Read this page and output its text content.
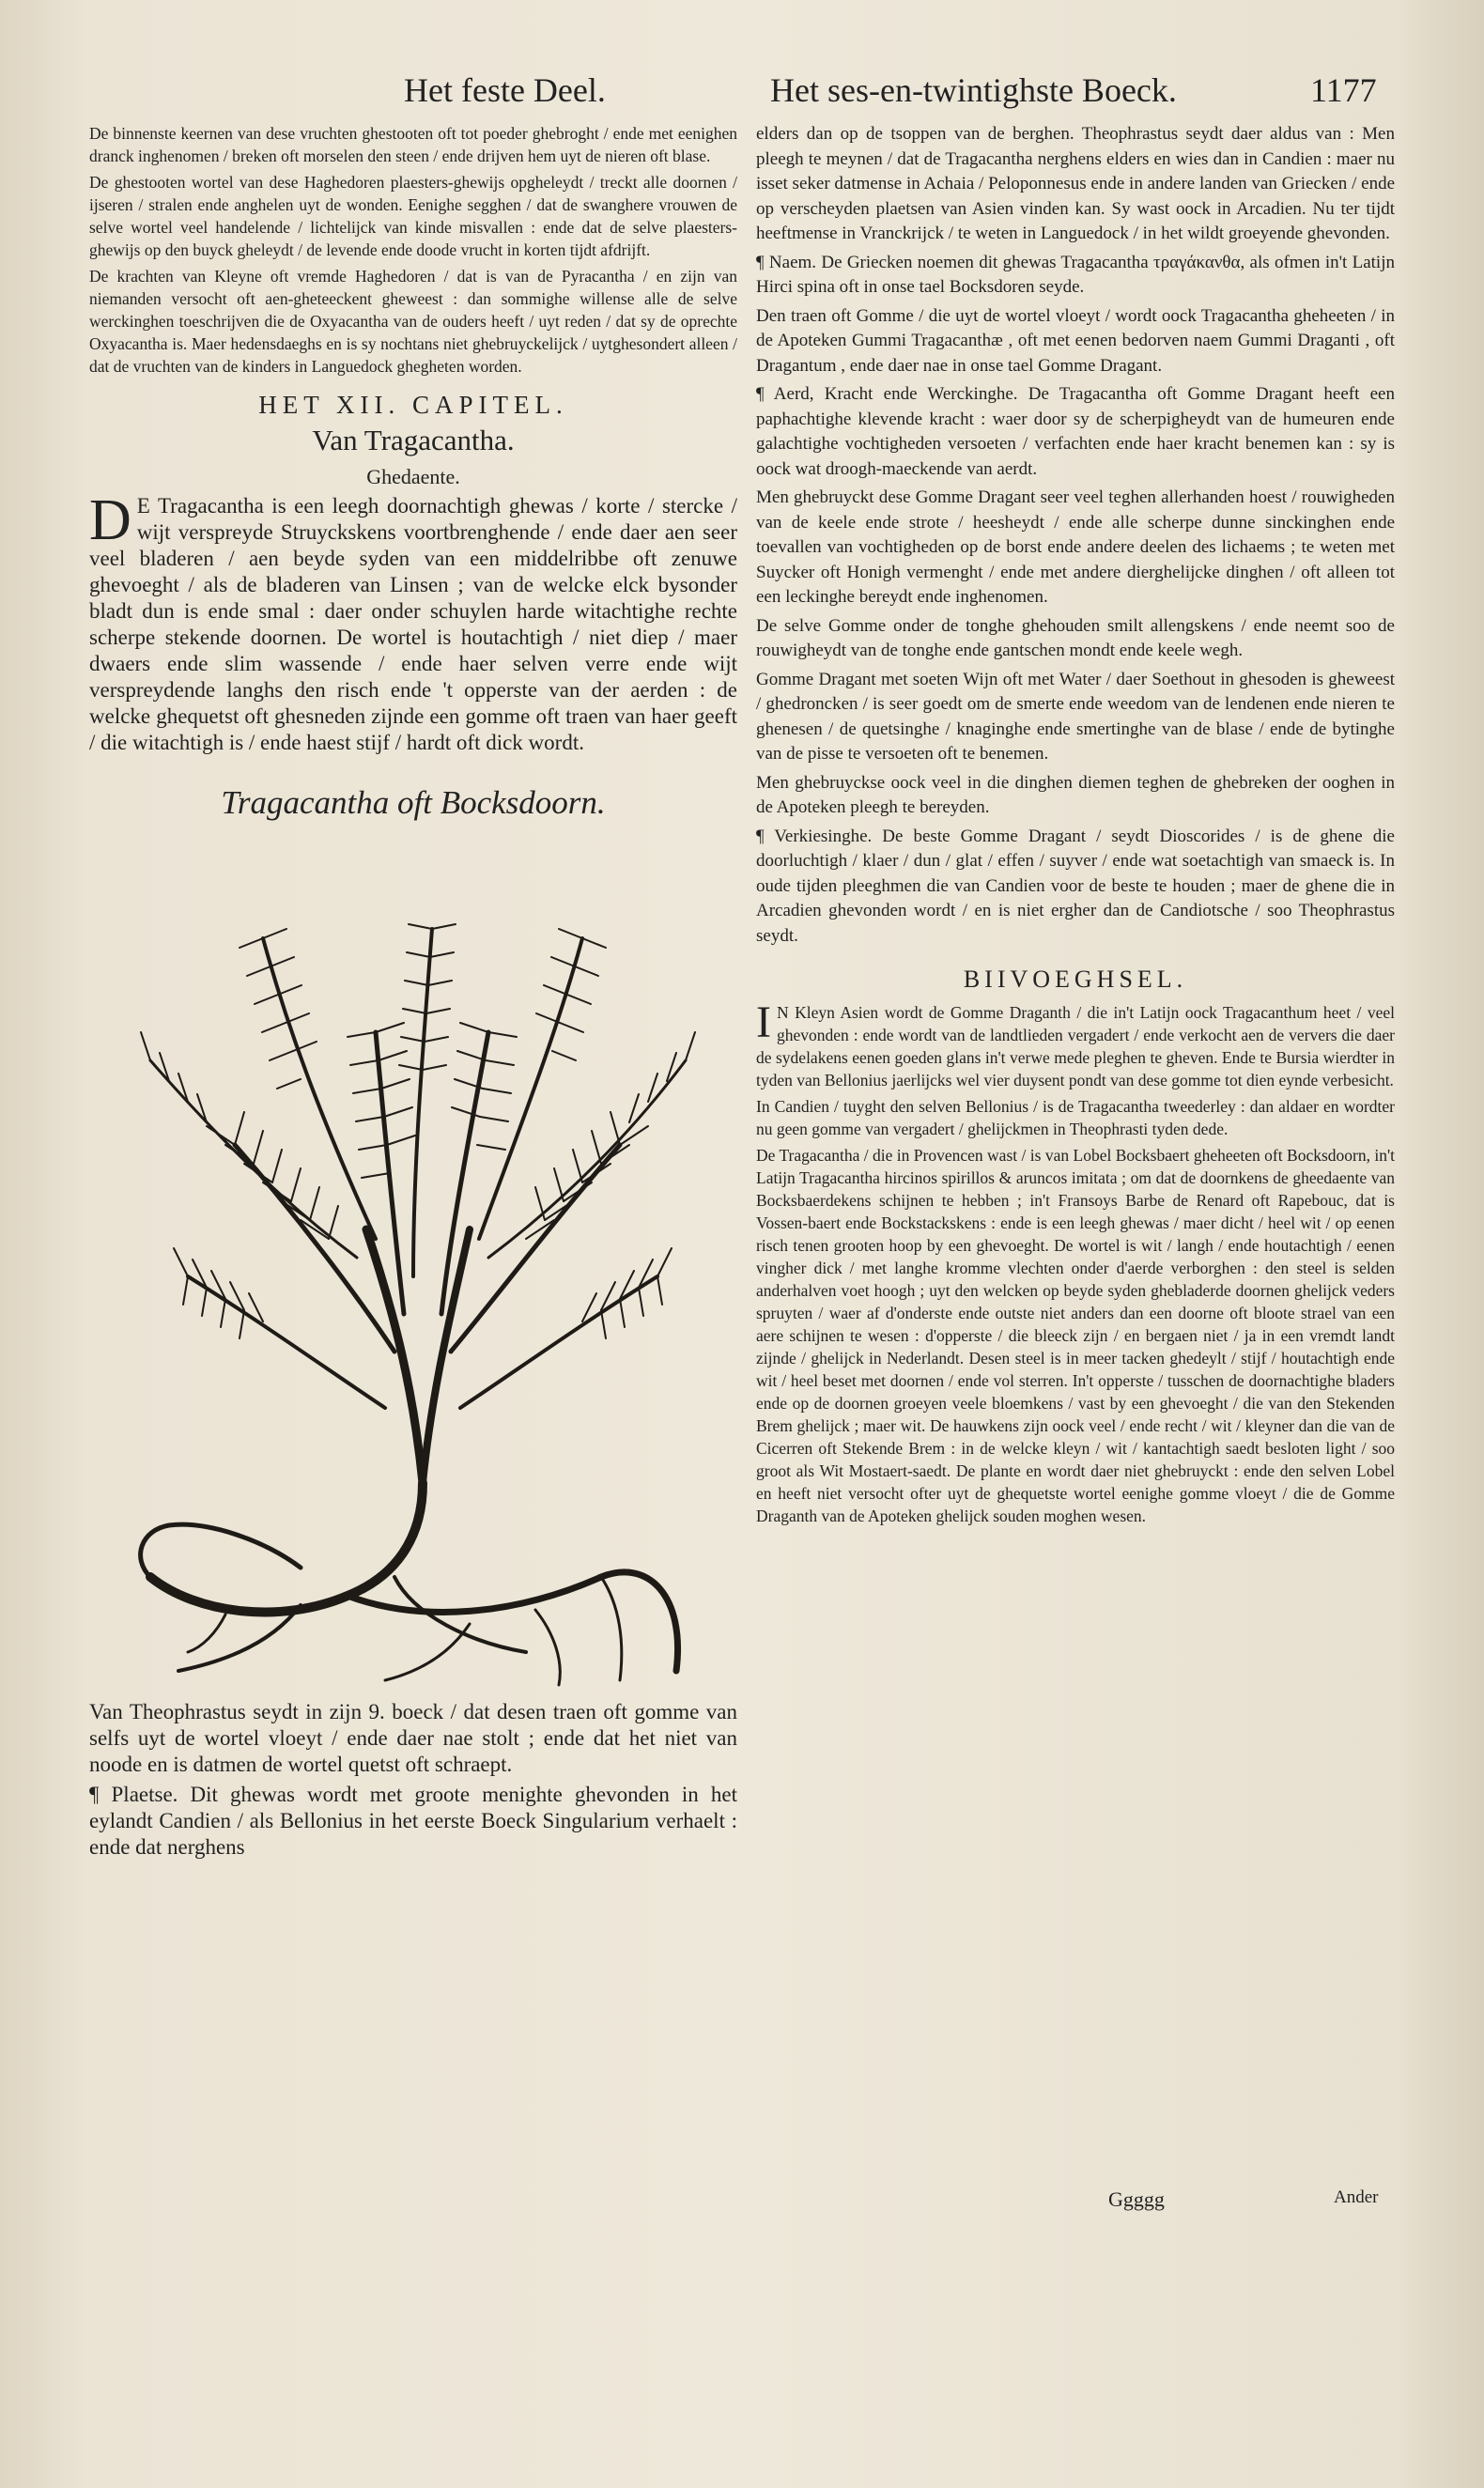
Het feste Deel.	Het ses-en-twintighste Boeck.	1177

De binnenste keernen van dese vruchten ghestooten oft tot poeder ghebroght / ende met eenighen dranck inghenomen / breken oft morselen den steen / ende drijven hem uyt de nieren oft blase.

De ghestooten wortel van dese Haghedoren plaesters-ghewijs opgheleydt / treckt alle doornen / ijseren / stralen ende anghelen uyt de wonden. Eenighe segghen / dat de swanghere vrouwen de selve wortel veel handelende / lichtelijck van kinde misvallen : ende dat de selve plaesters-ghewijs op den buyck gheleydt / de levende ende doode vrucht in korten tijdt afdrijft.

De krachten van Kleyne oft vremde Haghedoren / dat is van de Pyracantha / en zijn van niemanden versocht oft aen-gheteeckent gheweest : dan sommighe willense alle de selve werckinghen toeschrijven die de Oxyacantha van de ouders heeft / uyt reden / dat sy de oprechte Oxyacantha is. Maer hedensdaeghs en is sy nochtans niet ghebruyckelijck / uytghesondert alleen / dat de vruchten van de kinders in Languedock ghegheten worden.

HET XII. CAPITEL.
Van Tragacantha.
Ghedaente.

D E Tragacantha is een leegh doornachtigh ghewas / korte / stercke / wijt verspreyde Struyckskens voortbrenghende / ende daer aen seer veel bladeren / aen beyde syden van een middelribbe oft zenuwe ghevoeght / als de bladeren van Linsen ; van de welcke elck bysonder bladt dun is ende smal : daer onder schuylen harde witachtighe rechte scherpe stekende doornen. De wortel is houtachtigh / niet diep / maer dwaers ende slim wassende / ende haer selven verre ende wijt verspreydende langhs den risch ende 't opperste van der aerden : de welcke ghequetst oft ghesneden zijnde een gomme oft traen van haer geeft / die witachtigh is / ende haest stijf / hardt oft dick wordt.

Tragacantha oft Bocksdoorn.

Van Theophrastus seydt in zijn 9. boeck / dat desen traen oft gomme van selfs uyt de wortel vloeyt / ende daer nae stolt ; ende dat het niet van noode en is datmen de wortel quetst oft schraept.

¶ Plaetse. Dit ghewas wordt met groote menighte ghevonden in het eylandt Candien / als Bellonius in het eerste Boeck Singularium verhaelt : ende dat nerghens

elders dan op de tsoppen van de berghen. Theophrastus seydt daer aldus van : Men pleegh te meynen / dat de Tragacantha nerghens elders en wies dan in Candien : maer nu isset seker datmense in Achaia / Peloponnesus ende in andere landen van Griecken / ende op verscheyden plaetsen van Asien vinden kan. Sy wast oock in Arcadien. Nu ter tijdt heeftmense in Vranckrijck / te weten in Languedock / in het wildt groeyende ghevonden.

¶ Naem. De Griecken noemen dit ghewas Tragacantha τραγάκανθα, als ofmen in't Latijn Hirci spina oft in onse tael Bocksdoren seyde.

Den traen oft Gomme / die uyt de wortel vloeyt / wordt oock Tragacantha gheheeten / in de Apoteken Gummi Tragacanthæ , oft met eenen bedorven naem Gummi Draganti , oft Dragantum , ende daer nae in onse tael Gomme Dragant.

¶ Aerd, Kracht ende Werckinghe. De Tragacantha oft Gomme Dragant heeft een paphachtighe klevende kracht : waer door sy de scherpigheydt van de humeuren ende galachtighe vochtigheden versoeten / verfachten ende haer kracht benemen kan : sy is oock wat droogh-maeckende van aerdt.

Men ghebruyckt dese Gomme Dragant seer veel teghen allerhanden hoest / rouwigheden van de keele ende strote / heesheydt / ende alle scherpe dunne sinckinghen ende toevallen van vochtigheden op de borst ende andere deelen des lichaems ; te weten met Suycker oft Honigh vermenght / ende met andere dierghelijcke dinghen / oft alleen tot een leckinghe bereydt ende inghenomen.

De selve Gomme onder de tonghe ghehouden smilt allengskens / ende neemt soo de rouwigheydt van de tonghe ende gantschen mondt ende keele wegh.

Gomme Dragant met soeten Wijn oft met Water / daer Soethout in ghesoden is gheweest / ghedroncken / is seer goedt om de smerte ende weedom van de lendenen ende nieren te ghenesen / de quetsinghe / knaginghe ende smertinghe van de blase / ende de bytinghe van de pisse te versoeten oft te benemen.

Men ghebruyckse oock veel in die dinghen diemen teghen de ghebreken der ooghen in de Apoteken pleegh te bereyden.

¶ Verkiesinghe. De beste Gomme Dragant / seydt Dioscorides / is de ghene die doorluchtigh / klaer / dun / glat / effen / suyver / ende wat soetachtigh van smaeck is. In oude tijden pleeghmen die van Candien voor de beste te houden ; maer de ghene die in Arcadien ghevonden wordt / en is niet ergher dan de Candiotsche / soo Theophrastus seydt.

BIIVOEGHSEL.

I N Kleyn Asien wordt de Gomme Draganth / die in't Latijn oock Tragacanthum heet / veel ghevonden : ende wordt van de landtlieden vergadert / ende verkocht aen de ververs die daer de sydelakens eenen goeden glans in't verwe mede pleghen te gheven. Ende te Bursia wierdter in tyden van Bellonius jaerlijcks wel vier duysent pondt van dese gomme tot dien eynde verbesicht.

In Candien / tuyght den selven Bellonius / is de Tragacantha tweederley : dan aldaer en wordter nu geen gomme van vergadert / ghelijckmen in Theophrasti tyden dede.

De Tragacantha / die in Provencen wast / is van Lobel Bocksbaert gheheeten oft Bocksdoorn, in't Latijn Tragacantha hircinos spirillos & aruncos imitata ; om dat de doornkens de gheedaente van Bocksbaerdekens schijnen te hebben ; in't Fransoys Barbe de Renard oft Rapebouc, dat is Vossen-baert ende Bockstackskens : ende is een leegh ghewas / maer dicht / heel wit / op eenen risch tenen grooten hoop by een ghevoeght. De wortel is wit / langh / ende houtachtigh / eenen vingher dick / met langhe kromme vlechten onder d'aerde verborghen : den steel is selden anderhalven voet hoogh ; uyt den welcken op beyde syden ghebladerde doornen ghelijck veders spruyten / waer af d'onderste ende outste niet anders dan een doorne oft bloote strael van een aere schijnen te wesen : d'opperste / die bleeck zijn / en bergaen niet / ja in een vremdt landt zijnde / ghelijck in Nederlandt. Desen steel is in meer tacken ghedeylt / stijf / houtachtigh ende wit / heel beset met doornen / ende vol sterren. In't opperste / tusschen de doornachtighe bladers ende op de doornen groeyen veele bloemkens / vast by een ghevoeght / die van den Stekenden Brem ghelijck ; maer wit. De hauwkens zijn oock veel / ende recht / wit / kleyner dan die van de Cicerren oft Stekende Brem : in de welcke kleyn / wit / kantachtigh saedt besloten light / soo groot als Wit Mostaert-saedt. De plante en wordt daer niet ghebruyckt : ende den selven Lobel en heeft niet versocht ofter uyt de ghequetste wortel eenighe gomme vloeyt / die de Gomme Draganth van de Apoteken ghelijck souden moghen wesen.

Ggggg	Ander
